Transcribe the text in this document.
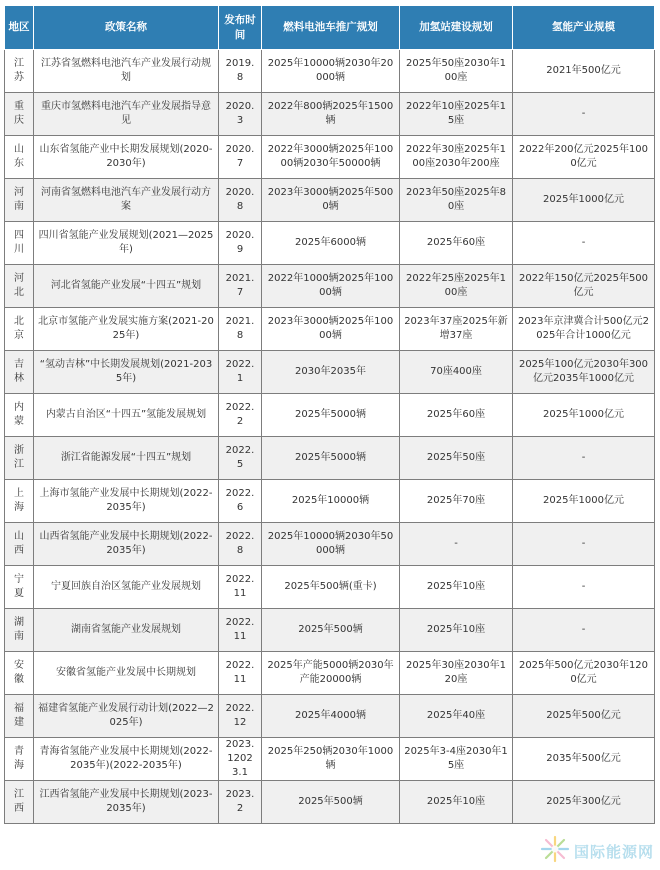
地区	政策名称	发布时间	燃料电池车推广规划	加氢站建设规划	氢能产业规模
江苏	江苏省氢燃料电池汽车产业发展行动规划	2019.8	2025年10000辆2030年20000辆	2025年50座2030年100座	2021年500亿元
重庆	重庆市氢燃料电池汽车产业发展指导意见	2020.3	2022年800辆2025年1500辆	2022年10座2025年15座	-
山东	山东省氢能产业中长期发展规划(2020-2030年)	2020.7	2022年3000辆2025年10000辆2030年50000辆	2022年30座2025年100座2030年200座	2022年200亿元2025年1000亿元
河南	河南省氢燃料电池汽车产业发展行动方案	2020.8	2023年3000辆2025年5000辆	2023年50座2025年80座	2025年1000亿元
四川	四川省氢能产业发展规划(2021—2025年)	2020.9	2025年6000辆	2025年60座	-
河北	河北省氢能产业发展“十四五”规划	2021.7	2022年1000辆2025年10000辆	2022年25座2025年100座	2022年150亿元2025年500亿元
北京	北京市氢能产业发展实施方案(2021-2025年)	2021.8	2023年3000辆2025年10000辆	2023年37座2025年新增37座	2023年京津冀合计500亿元2025年合计1000亿元
吉林	“氢动吉林”中长期发展规划(2021-2035年)	2022.1	2030年2035年	70座400座	2025年100亿元2030年300亿元2035年1000亿元
内蒙	内蒙古自治区“十四五”氢能发展规划	2022.2	2025年5000辆	2025年60座	2025年1000亿元
浙江	浙江省能源发展“十四五”规划	2022.5	2025年5000辆	2025年50座	-
上海	上海市氢能产业发展中长期规划(2022-2035年)	2022.6	2025年10000辆	2025年70座	2025年1000亿元
山西	山西省氢能产业发展中长期规划(2022-2035年)	2022.8	2025年10000辆2030年50000辆	-	-
宁夏	宁夏回族自治区氢能产业发展规划	2022.11	2025年500辆(重卡)	2025年10座	-
湖南	湖南省氢能产业发展规划	2022.11	2025年500辆	2025年10座	-
安徽	安徽省氢能产业发展中长期规划	2022.11	2025年产能5000辆2030年产能20000辆	2025年30座2030年120座	2025年500亿元2030年1200亿元
福建	福建省氢能产业发展行动计划(2022—2025年)	2022.12	2025年4000辆	2025年40座	2025年500亿元
青海	青海省氢能产业发展中长期规划(2022-2035年)(2022-2035年)	2023.12023.1	2025年250辆2030年1000辆	2025年3-4座2030年15座	2035年500亿元
江西	江西省氢能产业发展中长期规划(2023-2035年)	2023.2	2025年500辆	2025年10座	2025年300亿元
国际能源网
